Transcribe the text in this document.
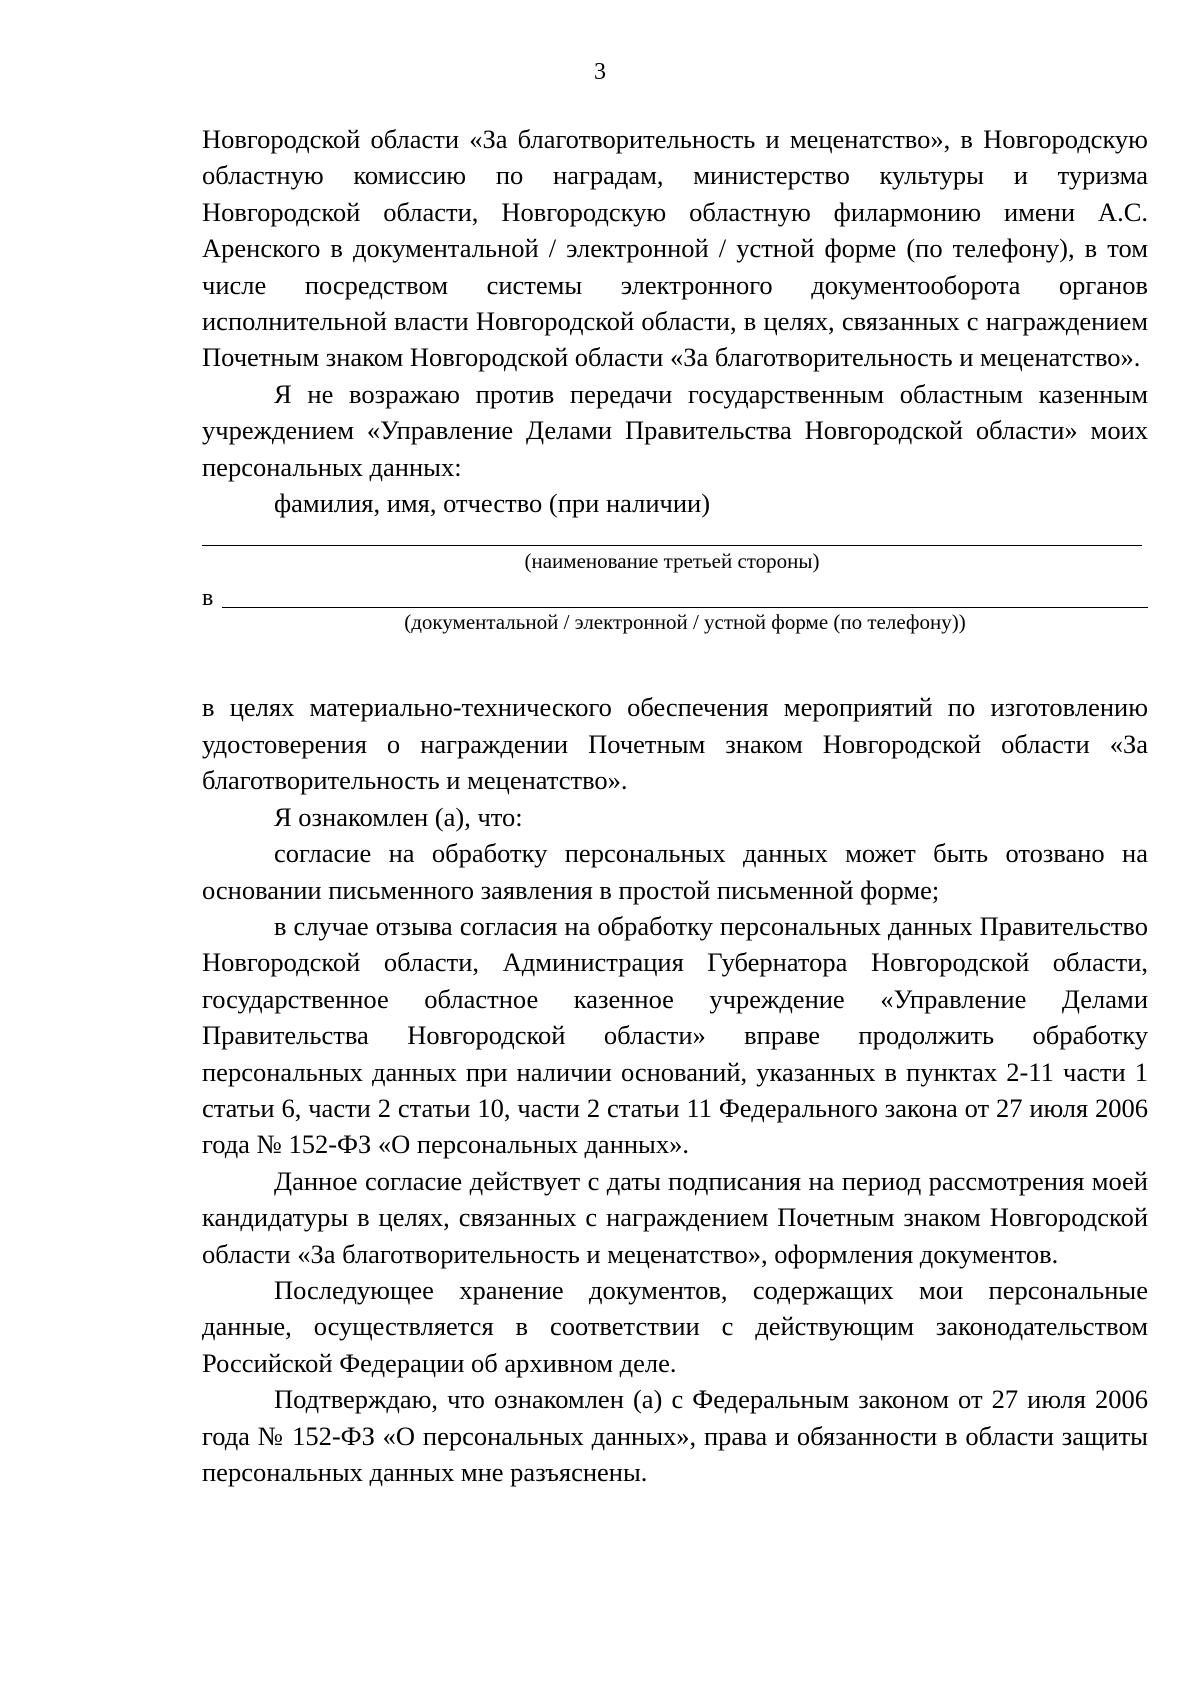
3

Новгородской области «За благотворительность и меценатство», в Новгородскую областную комиссию по наградам, министерство культуры и туризма Новгородской области, Новгородскую областную филармонию имени А.С. Аренского в документальной / электронной / устной форме (по телефону), в том числе посредством системы электронного документооборота органов исполнительной власти Новгородской области, в целях, связанных с награждением Почетным знаком Новгородской области «За благотворительность и меценатство».

Я не возражаю против передачи государственным областным казенным учреждением «Управление Делами Правительства Новгородской области» моих персональных данных:

фамилия, имя, отчество (при наличии)

(наименование третьей стороны)
в
(документальной / электронной / устной форме (по телефону))

в целях материально-технического обеспечения мероприятий по изготовлению удостоверения о награждении Почетным знаком Новгородской области «За благотворительность и меценатство».

Я ознакомлен (а), что:

согласие на обработку персональных данных может быть отозвано на основании письменного заявления в простой письменной форме;

в случае отзыва согласия на обработку персональных данных Правительство Новгородской области, Администрация Губернатора Новгородской области, государственное областное казенное учреждение «Управление Делами Правительства Новгородской области» вправе продолжить обработку персональных данных при наличии оснований, указанных в пунктах 2-11 части 1 статьи 6, части 2 статьи 10, части 2 статьи 11 Федерального закона от 27 июля 2006 года № 152-ФЗ «О персональных данных».

Данное согласие действует с даты подписания на период рассмотрения моей кандидатуры в целях, связанных с награждением Почетным знаком Новгородской области «За благотворительность и меценатство», оформления документов.

Последующее хранение документов, содержащих мои персональные данные, осуществляется в соответствии с действующим законодательством Российской Федерации об архивном деле.

Подтверждаю, что ознакомлен (а) с Федеральным законом от 27 июля 2006 года № 152-ФЗ «О персональных данных», права и обязанности в области защиты персональных данных мне разъяснены.
